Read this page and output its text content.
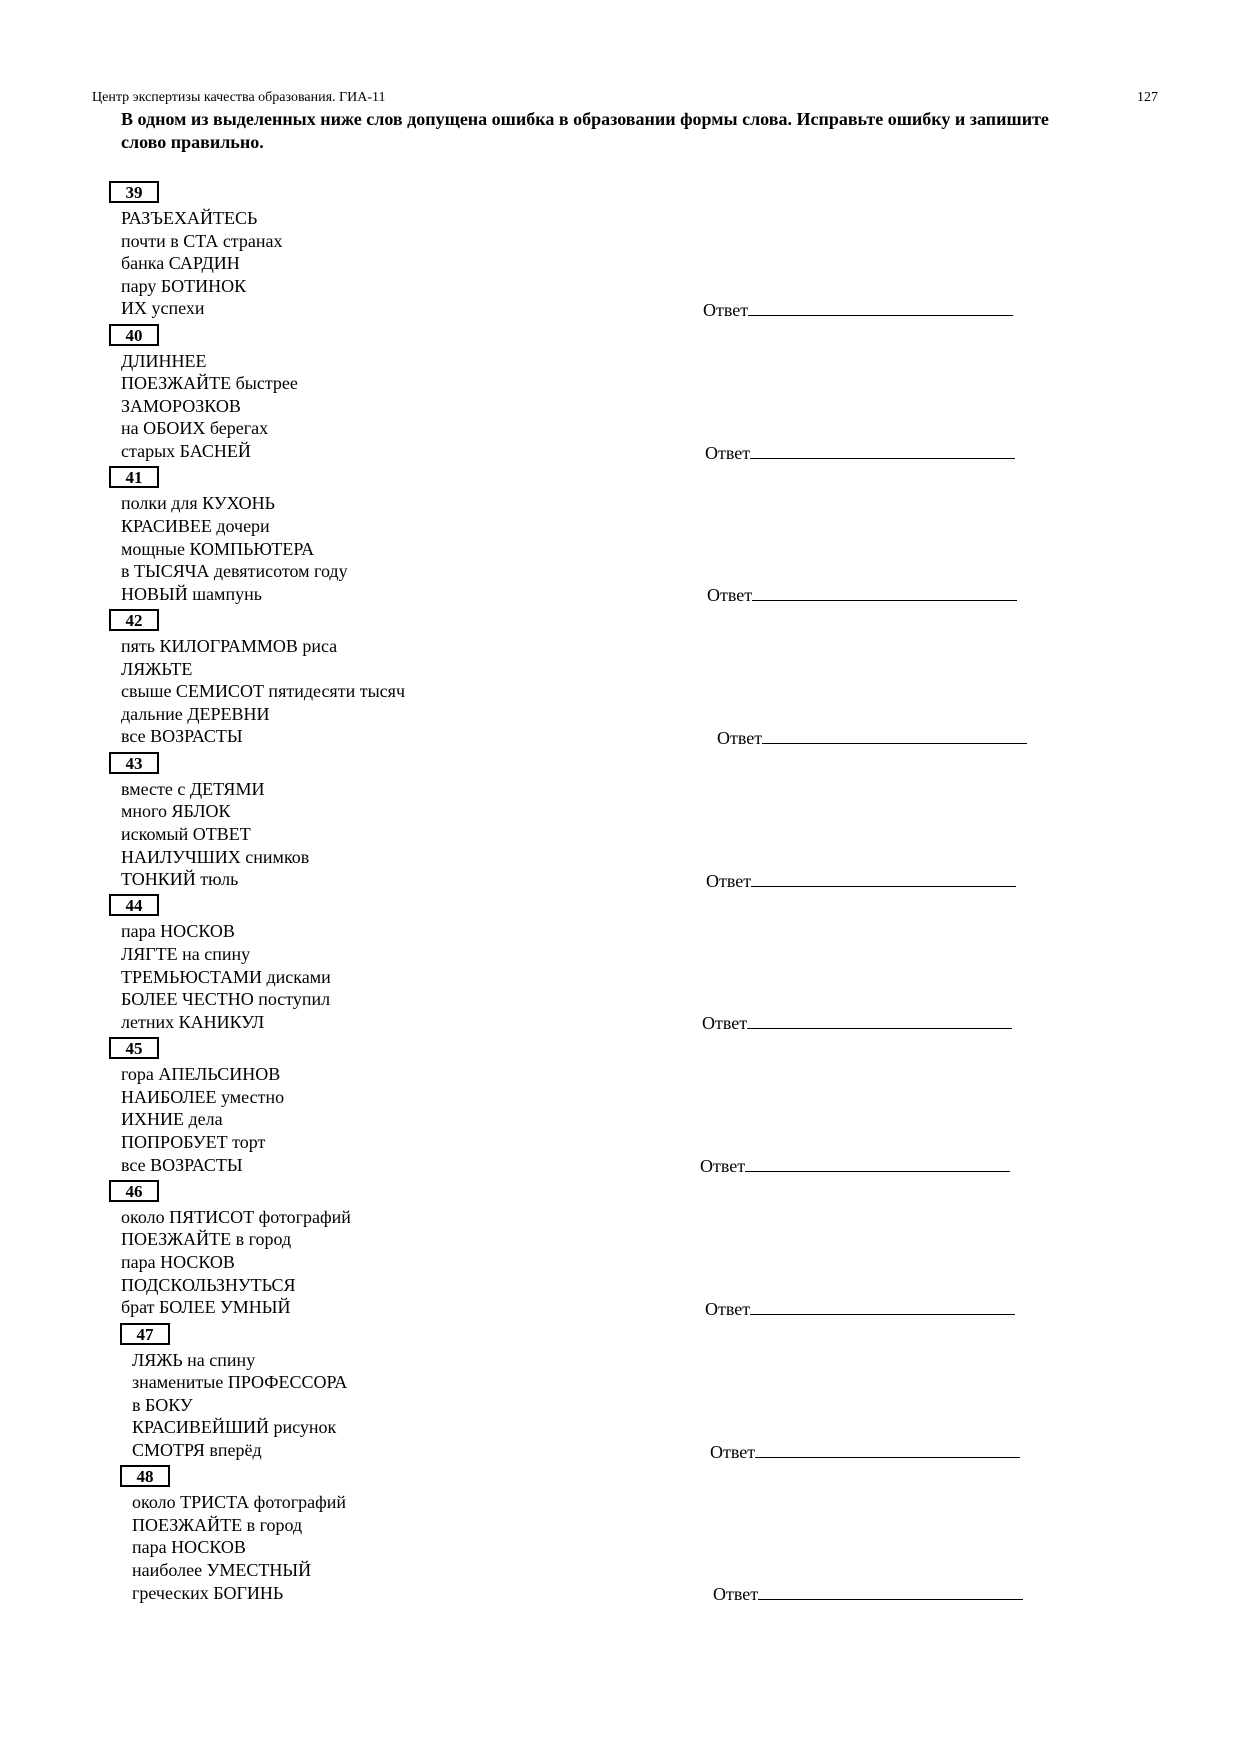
Центр экспертизы качества образования. ГИА-11	127
В одном из выделенных ниже слов допущена ошибка в образовании формы слова. Исправьте ошибку и запишите слово правильно.
39
РАЗЪЕХАЙТЕСЬ
почти в СТА странах
банка САРДИН
пару БОТИНОК
ИХ успехи	Ответ
40
ДЛИННЕЕ
ПОЕЗЖАЙТЕ быстрее
ЗАМОРОЗКОВ
на ОБОИХ берегах
старых БАСНЕЙ	Ответ
41
полки для КУХОНЬ
КРАСИВЕЕ дочери
мощные КОМПЬЮТЕРА
в ТЫСЯЧА девятисотом году
НОВЫЙ шампунь	Ответ
42
пять КИЛОГРАММОВ риса
ЛЯЖЬТЕ
свыше СЕМИСОТ пятидесяти тысяч
дальние ДЕРЕВНИ
все ВОЗРАСТЫ	Ответ
43
вместе с ДЕТЯМИ
много ЯБЛОК
искомый ОТВЕТ
НАИЛУЧШИХ снимков
ТОНКИЙ тюль	Ответ
44
пара НОСКОВ
ЛЯГТЕ на спину
ТРЕМЬЮСТАМИ дисками
БОЛЕЕ ЧЕСТНО поступил
летних КАНИКУЛ	Ответ
45
гора АПЕЛЬСИНОВ
НАИБОЛЕЕ уместно
ИХНИЕ дела
ПОПРОБУЕТ торт
все ВОЗРАСТЫ	Ответ
46
около ПЯТИСОТ фотографий
ПОЕЗЖАЙТЕ в город
пара НОСКОВ
ПОДСКОЛЬЗНУТЬСЯ
брат БОЛЕЕ УМНЫЙ	Ответ
47
ЛЯЖЬ на спину
знаменитые ПРОФЕССОРА
в БОКУ
КРАСИВЕЙШИЙ рисунок
СМОТРЯ вперёд	Ответ
48
около ТРИСТА фотографий
ПОЕЗЖАЙТЕ в город
пара НОСКОВ
наиболее УМЕСТНЫЙ
греческих БОГИНЬ	Ответ
